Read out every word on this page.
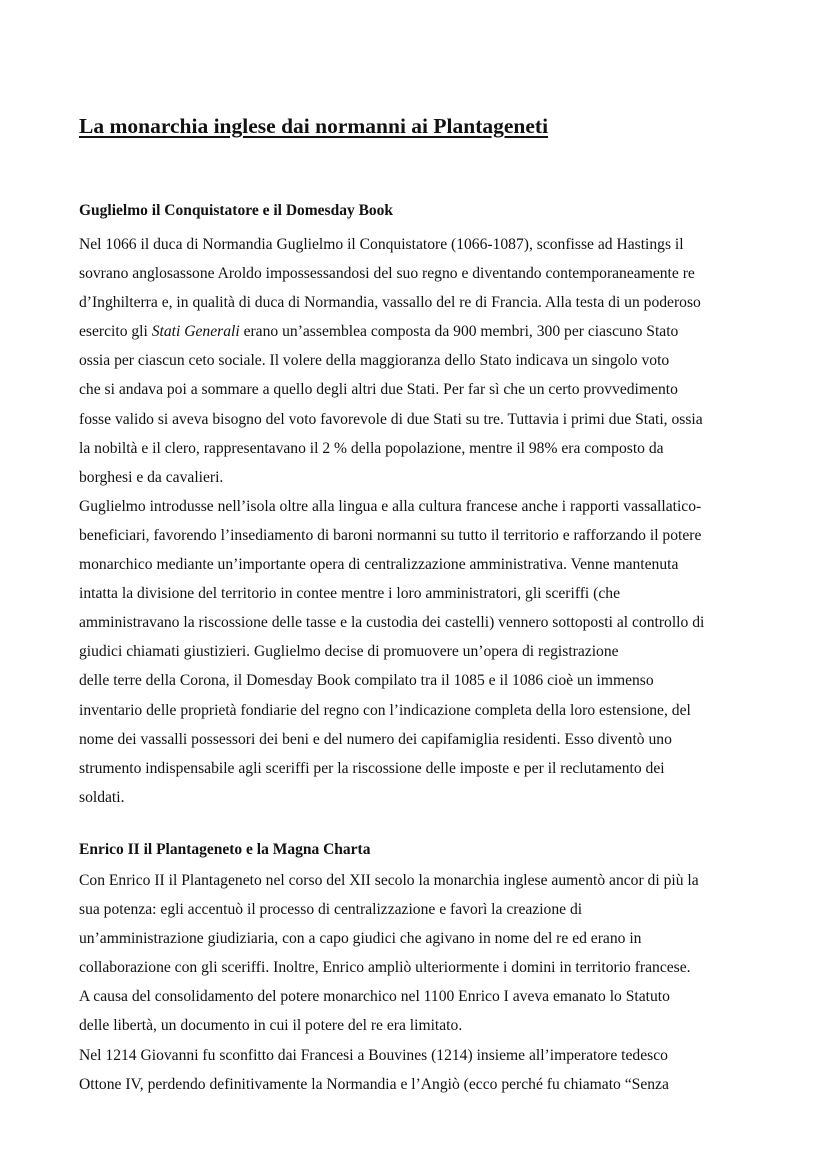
La monarchia inglese dai normanni ai Plantageneti
Guglielmo il Conquistatore e il Domesday Book
Nel 1066 il duca di Normandia Guglielmo il Conquistatore (1066-1087), sconfisse ad Hastings il
sovrano anglosassone Aroldo impossessandosi del suo regno e diventando contemporaneamente re
d’Inghilterra e, in qualità di duca di Normandia, vassallo del re di Francia. Alla testa di un poderoso
esercito gli Stati Generali erano un’assemblea composta da 900 membri, 300 per ciascuno Stato
ossia per ciascun ceto sociale. Il volere della maggioranza dello Stato indicava un singolo voto
che si andava poi a sommare a quello degli altri due Stati. Per far sì che un certo provvedimento
fosse valido si aveva bisogno del voto favorevole di due Stati su tre. Tuttavia i primi due Stati, ossia
la nobiltà e il clero, rappresentavano il 2 % della popolazione, mentre il 98% era composto da
borghesi e da cavalieri.
Guglielmo introdusse nell’isola oltre alla lingua e alla cultura francese anche i rapporti vassallatico-
beneficiari, favorendo l’insediamento di baroni normanni su tutto il territorio e rafforzando il potere
monarchico mediante un’importante opera di centralizzazione amministrativa. Venne mantenuta
intatta la divisione del territorio in contee mentre i loro amministratori, gli sceriffi (che
amministravano la riscossione delle tasse e la custodia dei castelli) vennero sottoposti al controllo di
giudici chiamati giustizieri. Guglielmo decise di promuovere un’opera di registrazione
delle terre della Corona, il Domesday Book compilato tra il 1085 e il 1086 cioè un immenso
inventario delle proprietà fondiarie del regno con l’indicazione completa della loro estensione, del
nome dei vassalli possessori dei beni e del numero dei capifamiglia residenti. Esso diventò uno
strumento indispensabile agli sceriffi per la riscossione delle imposte e per il reclutamento dei
soldati.
Enrico II il Plantageneto e la Magna Charta
Con Enrico II il Plantageneto nel corso del XII secolo la monarchia inglese aumentò ancor di più la
sua potenza: egli accentuò il processo di centralizzazione e favorì la creazione di
un’amministrazione giudiziaria, con a capo giudici che agivano in nome del re ed erano in
collaborazione con gli sceriffi. Inoltre, Enrico ampliò ulteriormente i domini in territorio francese.
A causa del consolidamento del potere monarchico nel 1100 Enrico I aveva emanato lo Statuto
delle libertà, un documento in cui il potere del re era limitato.
Nel 1214 Giovanni fu sconfitto dai Francesi a Bouvines (1214) insieme all’imperatore tedesco
Ottone IV, perdendo definitivamente la Normandia e l’Angiò (ecco perché fu chiamato “Senza
